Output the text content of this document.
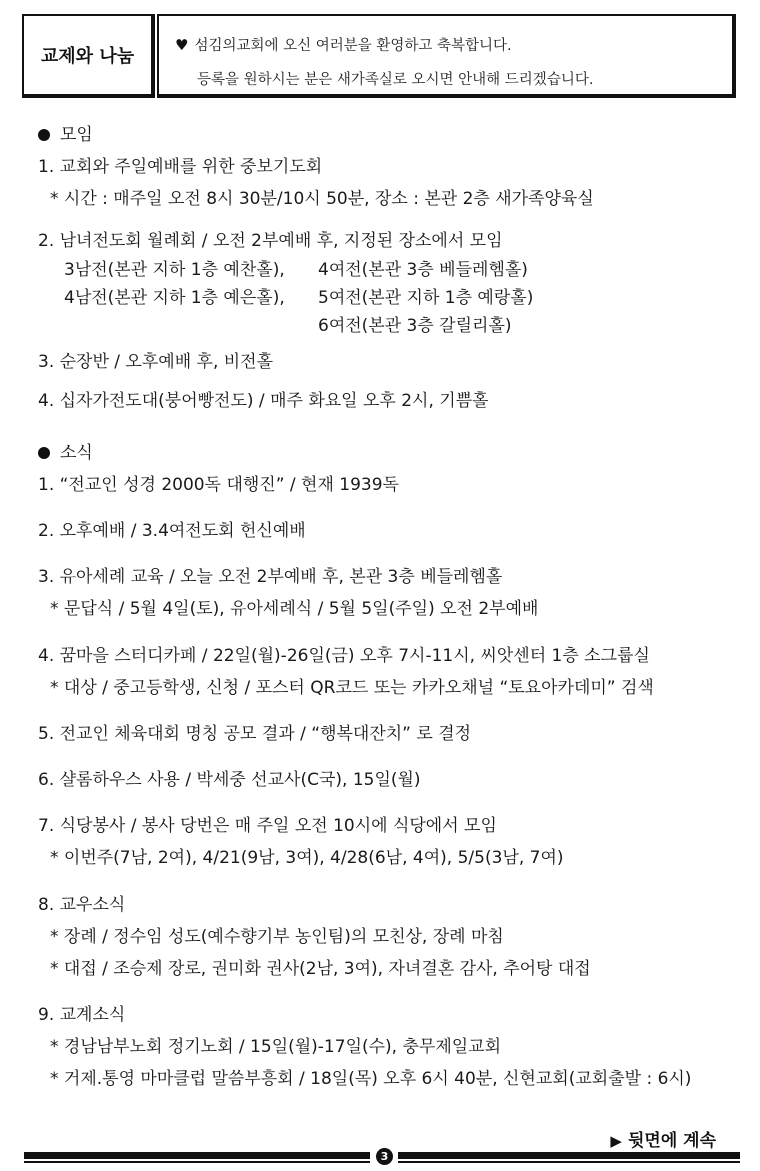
교제와 나눔
♥ 섬김의교회에 오신 여러분을 환영하고 축복합니다.
등록을 원하시는 분은 새가족실로 오시면 안내해 드리겠습니다.
모임
1. 교회와 주일예배를 위한 중보기도회
* 시간 : 매주일 오전 8시 30분/10시 50분, 장소 : 본관 2층 새가족양육실
2. 남녀전도회 월례회 / 오전 2부예배 후, 지정된 장소에서 모임
3남전(본관 지하 1층 예찬홀), 4여전(본관 3층 베들레헴홀)
4남전(본관 지하 1층 예은홀), 5여전(본관 지하 1층 예랑홀)
6여전(본관 3층 갈릴리홀)
3. 순장반 / 오후예배 후, 비전홀
4. 십자가전도대(붕어빵전도) / 매주 화요일 오후 2시, 기쁨홀
소식
1. “전교인 성경 2000독 대행진” / 현재 1939독
2. 오후예배 / 3.4여전도회 헌신예배
3. 유아세례 교육 / 오늘 오전 2부예배 후, 본관 3층 베들레헴홀
* 문답식 / 5월 4일(토), 유아세례식 / 5월 5일(주일) 오전 2부예배
4. 꿈마을 스터디카페 / 22일(월)-26일(금) 오후 7시-11시, 씨앗센터 1층 소그룹실
* 대상 / 중고등학생, 신청 / 포스터 QR코드 또는 카카오채널 “토요아카데미” 검색
5. 전교인 체육대회 명칭 공모 결과 / “행복대잔치” 로 결정
6. 샬롬하우스 사용 / 박세중 선교사(C국), 15일(월)
7. 식당봉사 / 봉사 당번은 매 주일 오전 10시에 식당에서 모임
* 이번주(7남, 2여), 4/21(9남, 3여), 4/28(6남, 4여), 5/5(3남, 7여)
8. 교우소식
* 장례 / 정수임 성도(예수향기부 농인팀)의 모친상, 장례 마침
* 대접 / 조승제 장로, 권미화 권사(2남, 3여), 자녀결혼 감사, 추어탕 대접
9. 교계소식
* 경남남부노회 정기노회 / 15일(월)-17일(수), 충무제일교회
* 거제.통영 마마클럽 말씀부흥회 / 18일(목) 오후 6시 40분, 신현교회(교회출발 : 6시)
▶ 뒷면에 계속
3
